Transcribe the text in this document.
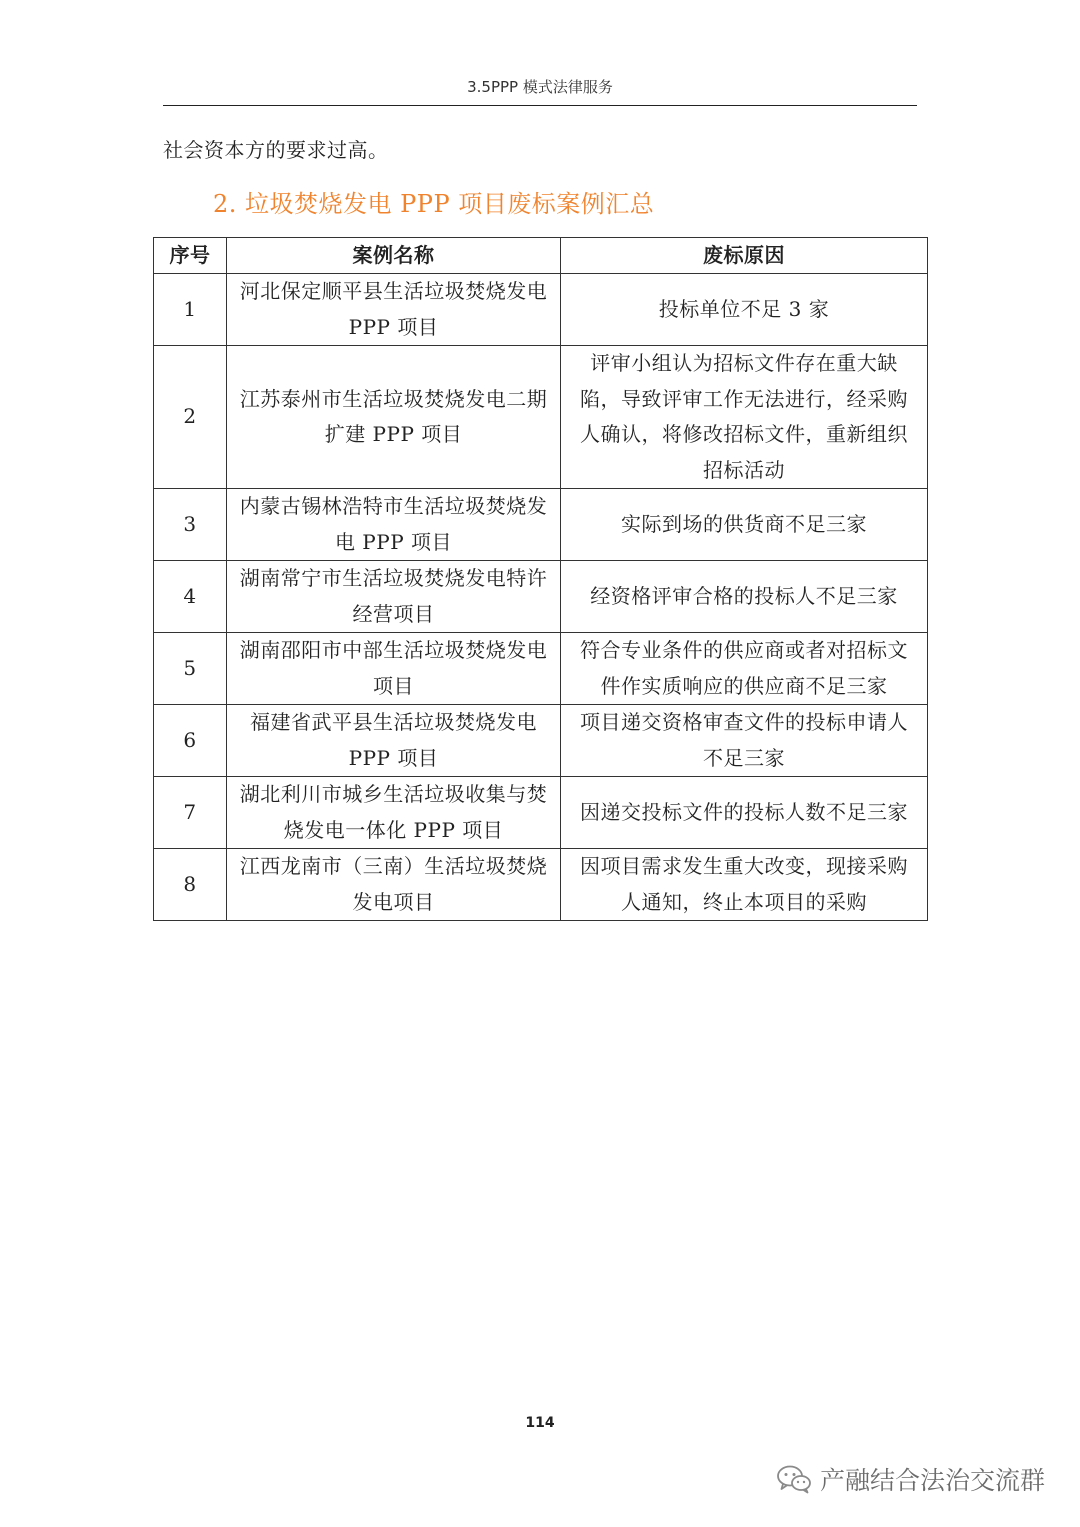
3.5PPP 模式法律服务
社会资本方的要求过高。
2. 垃圾焚烧发电 PPP 项目废标案例汇总
序号	案例名称	废标原因
1	河北保定顺平县生活垃圾焚烧发电 PPP 项目	投标单位不足 3 家
2	江苏泰州市生活垃圾焚烧发电二期扩建 PPP 项目	评审小组认为招标文件存在重大缺陷，导致评审工作无法进行，经采购人确认，将修改招标文件，重新组织招标活动
3	内蒙古锡林浩特市生活垃圾焚烧发电 PPP 项目	实际到场的供货商不足三家
4	湖南常宁市生活垃圾焚烧发电特许经营项目	经资格评审合格的投标人不足三家
5	湖南邵阳市中部生活垃圾焚烧发电项目	符合专业条件的供应商或者对招标文件作实质响应的供应商不足三家
6	福建省武平县生活垃圾焚烧发电 PPP 项目	项目递交资格审查文件的投标申请人不足三家
7	湖北利川市城乡生活垃圾收集与焚烧发电一体化 PPP 项目	因递交投标文件的投标人数不足三家
8	江西龙南市（三南）生活垃圾焚烧发电项目	因项目需求发生重大改变，现接采购人通知，终止本项目的采购
114
产融结合法治交流群
